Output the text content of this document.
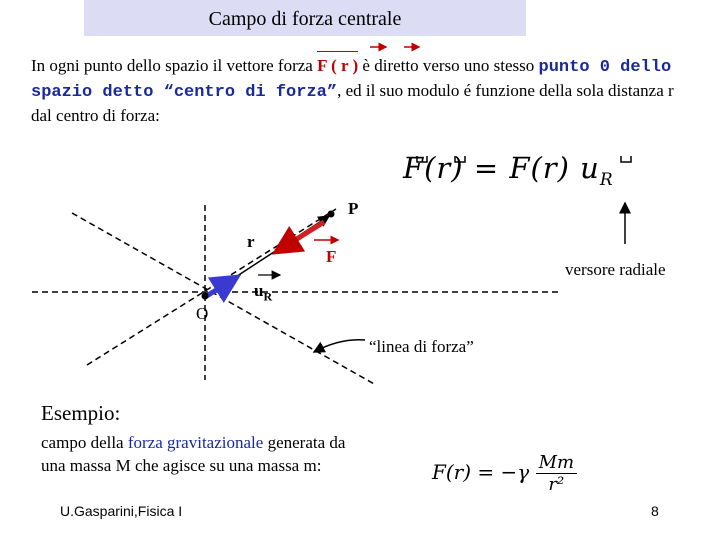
Campo di forza centrale
In ogni punto dello spazio il vettore forza F ( r ) è diretto verso uno stesso punto 0 dello spazio detto “centro di forza”, ed il suo modulo é funzione della sola distanza r dal centro di forza:
F(r) = F(r) $u_R$
P
r
F
$u_R$
O
versore radiale
“linea di forza”
Esempio:
campo della forza gravitazionale generata da
una massa M che agisce su una massa m:	$F(r) = -\gamma \frac{Mm}{\text{r²}}$
U.Gasparini,Fisica I	8
